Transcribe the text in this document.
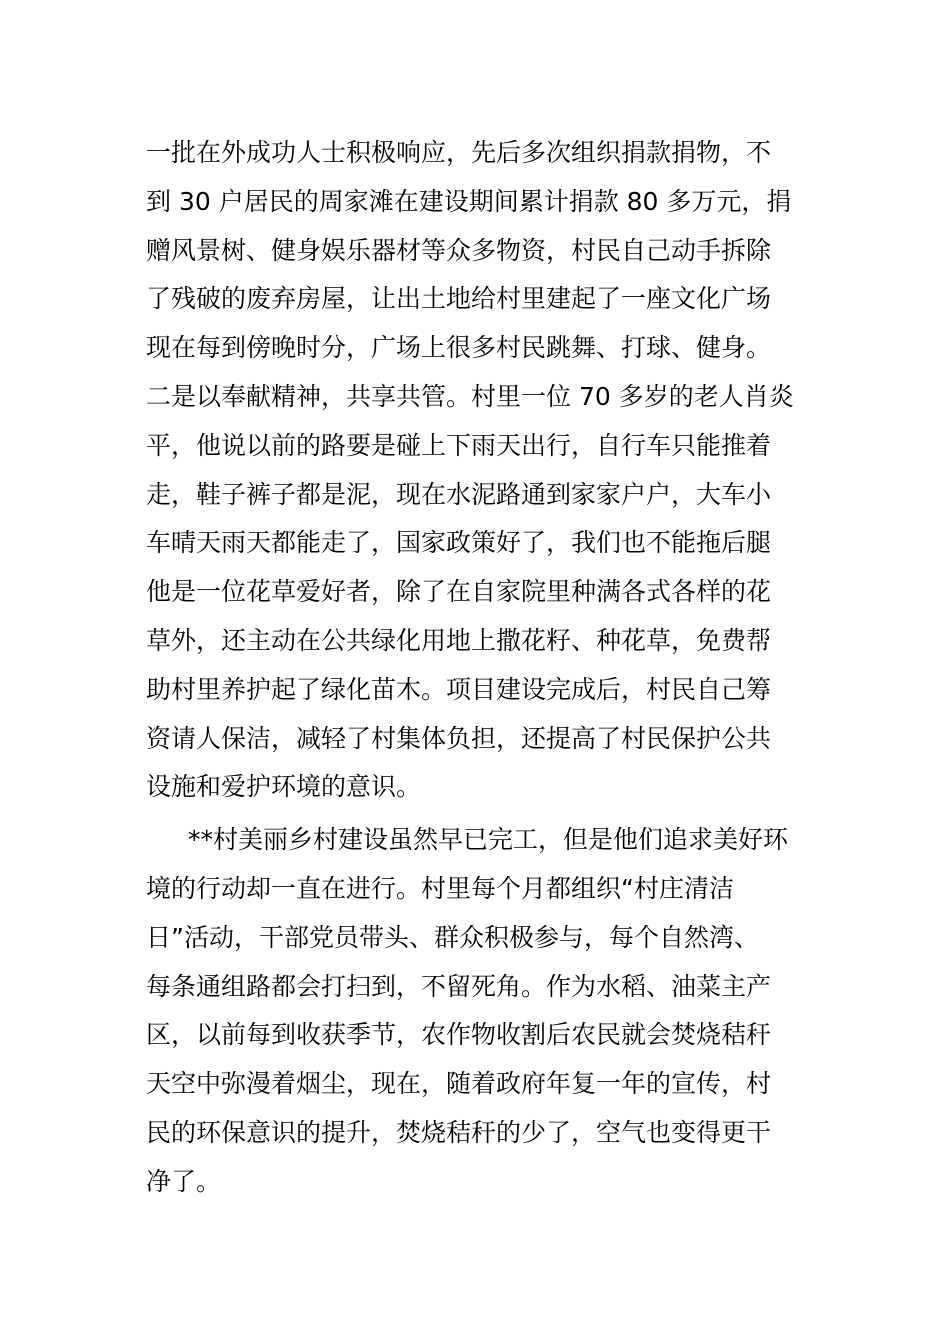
一批在外成功人士积极响应，先后多次组织捐款捐物，不
到 30 户居民的周家滩在建设期间累计捐款 80 多万元，捐
赠风景树、健身娱乐器材等众多物资，村民自己动手拆除
了残破的废弃房屋，让出土地给村里建起了一座文化广场
现在每到傍晚时分，广场上很多村民跳舞、打球、健身。
二是以奉献精神，共享共管。村里一位 70 多岁的老人肖炎
平，他说以前的路要是碰上下雨天出行，自行车只能推着
走，鞋子裤子都是泥，现在水泥路通到家家户户，大车小
车晴天雨天都能走了，国家政策好了，我们也不能拖后腿
他是一位花草爱好者，除了在自家院里种满各式各样的花
草外，还主动在公共绿化用地上撒花籽、种花草，免费帮
助村里养护起了绿化苗木。项目建设完成后，村民自己筹
资请人保洁，减轻了村集体负担，还提高了村民保护公共
设施和爱护环境的意识。
**村美丽乡村建设虽然早已完工，但是他们追求美好环
境的行动却一直在进行。村里每个月都组织“村庄清洁
日”活动，干部党员带头、群众积极参与，每个自然湾、
每条通组路都会打扫到，不留死角。作为水稻、油菜主产
区，以前每到收获季节，农作物收割后农民就会焚烧秸秆
天空中弥漫着烟尘，现在，随着政府年复一年的宣传，村
民的环保意识的提升，焚烧秸秆的少了，空气也变得更干
净了。
